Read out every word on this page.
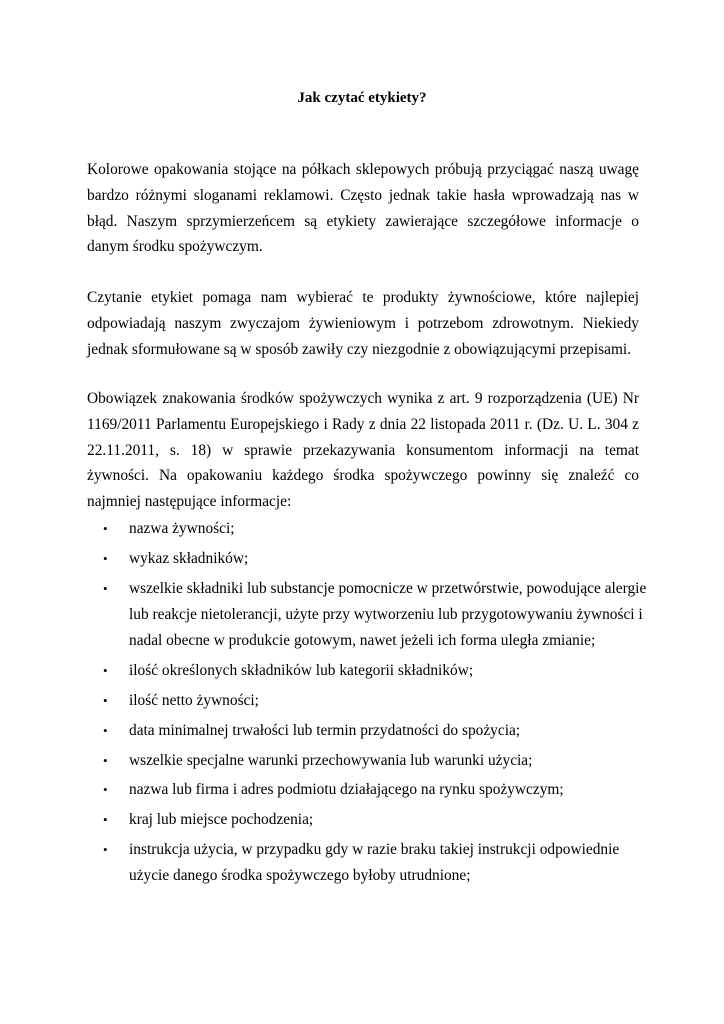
Jak czytać etykiety?

Kolorowe opakowania stojące na półkach sklepowych próbują przyciągać naszą uwagę bardzo różnymi sloganami reklamowi. Często jednak takie hasła wprowadzają nas w błąd. Naszym sprzymierzeńcem są etykiety zawierające szczegółowe informacje o danym środku spożywczym.

Czytanie etykiet pomaga nam wybierać te produkty żywnościowe, które najlepiej odpowiadają naszym zwyczajom żywieniowym i potrzebom zdrowotnym. Niekiedy jednak sformułowane są w sposób zawiły czy niezgodnie z obowiązującymi przepisami.

Obowiązek znakowania środków spożywczych wynika z art. 9 rozporządzenia (UE) Nr 1169/2011 Parlamentu Europejskiego i Rady z dnia 22 listopada 2011 r. (Dz. U. L. 304 z 22.11.2011, s. 18) w sprawie przekazywania konsumentom informacji na temat żywności. Na opakowaniu każdego środka spożywczego powinny się znaleźć co najmniej następujące informacje:

• nazwa żywności;
• wykaz składników;
• wszelkie składniki lub substancje pomocnicze w przetwórstwie, powodujące alergie lub reakcje nietolerancji, użyte przy wytworzeniu lub przygotowywaniu żywności i nadal obecne w produkcie gotowym, nawet jeżeli ich forma uległa zmianie;
• ilość określonych składników lub kategorii składników;
• ilość netto żywności;
• data minimalnej trwałości lub termin przydatności do spożycia;
• wszelkie specjalne warunki przechowywania lub warunki użycia;
• nazwa lub firma i adres podmiotu działającego na rynku spożywczym;
• kraj lub miejsce pochodzenia;
• instrukcja użycia, w przypadku gdy w razie braku takiej instrukcji odpowiednie użycie danego środka spożywczego byłoby utrudnione;
